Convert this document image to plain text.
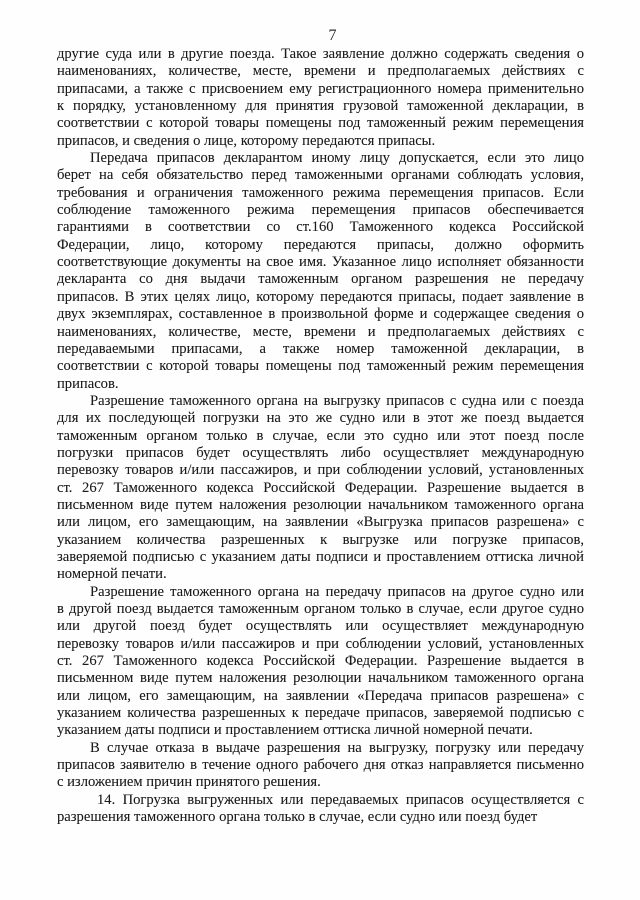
7
другие суда или в другие поезда. Такое заявление должно содержать сведения о
наименованиях, количестве, месте, времени и предполагаемых действиях с
припасами, а также с присвоением ему регистрационного номера применительно
к порядку, установленному для принятия грузовой таможенной декларации, в
соответствии с которой товары помещены под таможенный режим перемещения
припасов, и сведения о лице, которому передаются припасы.
Передача припасов декларантом иному лицу допускается, если это лицо
берет на себя обязательство перед таможенными органами соблюдать условия,
требования и ограничения таможенного режима перемещения припасов. Если
соблюдение таможенного режима перемещения припасов обеспечивается
гарантиями в соответствии со ст.160 Таможенного кодекса Российской
Федерации, лицо, которому передаются припасы, должно оформить
соответствующие документы на свое имя. Указанное лицо исполняет обязанности
декларанта со дня выдачи таможенным органом разрешения не передачу
припасов. В этих целях лицо, которому передаются припасы, подает заявление в
двух экземплярах, составленное в произвольной форме и содержащее сведения о
наименованиях, количестве, месте, времени и предполагаемых действиях с
передаваемыми припасами, а также номер таможенной декларации, в
соответствии с которой товары помещены под таможенный режим перемещения
припасов.
Разрешение таможенного органа на выгрузку припасов с судна или с поезда
для их последующей погрузки на это же судно или в этот же поезд выдается
таможенным органом только в случае, если это судно или этот поезд после
погрузки припасов будет осуществлять либо осуществляет международную
перевозку товаров и/или пассажиров, и при соблюдении условий, установленных
ст. 267 Таможенного кодекса Российской Федерации. Разрешение выдается в
письменном виде путем наложения резолюции начальником таможенного органа
или лицом, его замещающим, на заявлении «Выгрузка припасов разрешена» с
указанием количества разрешенных к выгрузке или погрузке припасов,
заверяемой подписью с указанием даты подписи и проставлением оттиска личной
номерной печати.
Разрешение таможенного органа на передачу припасов на другое судно или
в другой поезд выдается таможенным органом только в случае, если другое судно
или другой поезд будет осуществлять или осуществляет международную
перевозку товаров и/или пассажиров и при соблюдении условий, установленных
ст. 267 Таможенного кодекса Российской Федерации. Разрешение выдается в
письменном виде путем наложения резолюции начальником таможенного органа
или лицом, его замещающим, на заявлении «Передача припасов разрешена» с
указанием количества разрешенных к передаче припасов, заверяемой подписью с
указанием даты подписи и проставлением оттиска личной номерной печати.
В случае отказа в выдаче разрешения на выгрузку, погрузку или передачу
припасов заявителю в течение одного рабочего дня отказ направляется письменно
с изложением причин принятого решения.
14. Погрузка выгруженных или передаваемых припасов осуществляется с
разрешения таможенного органа только в случае, если судно или поезд будет
